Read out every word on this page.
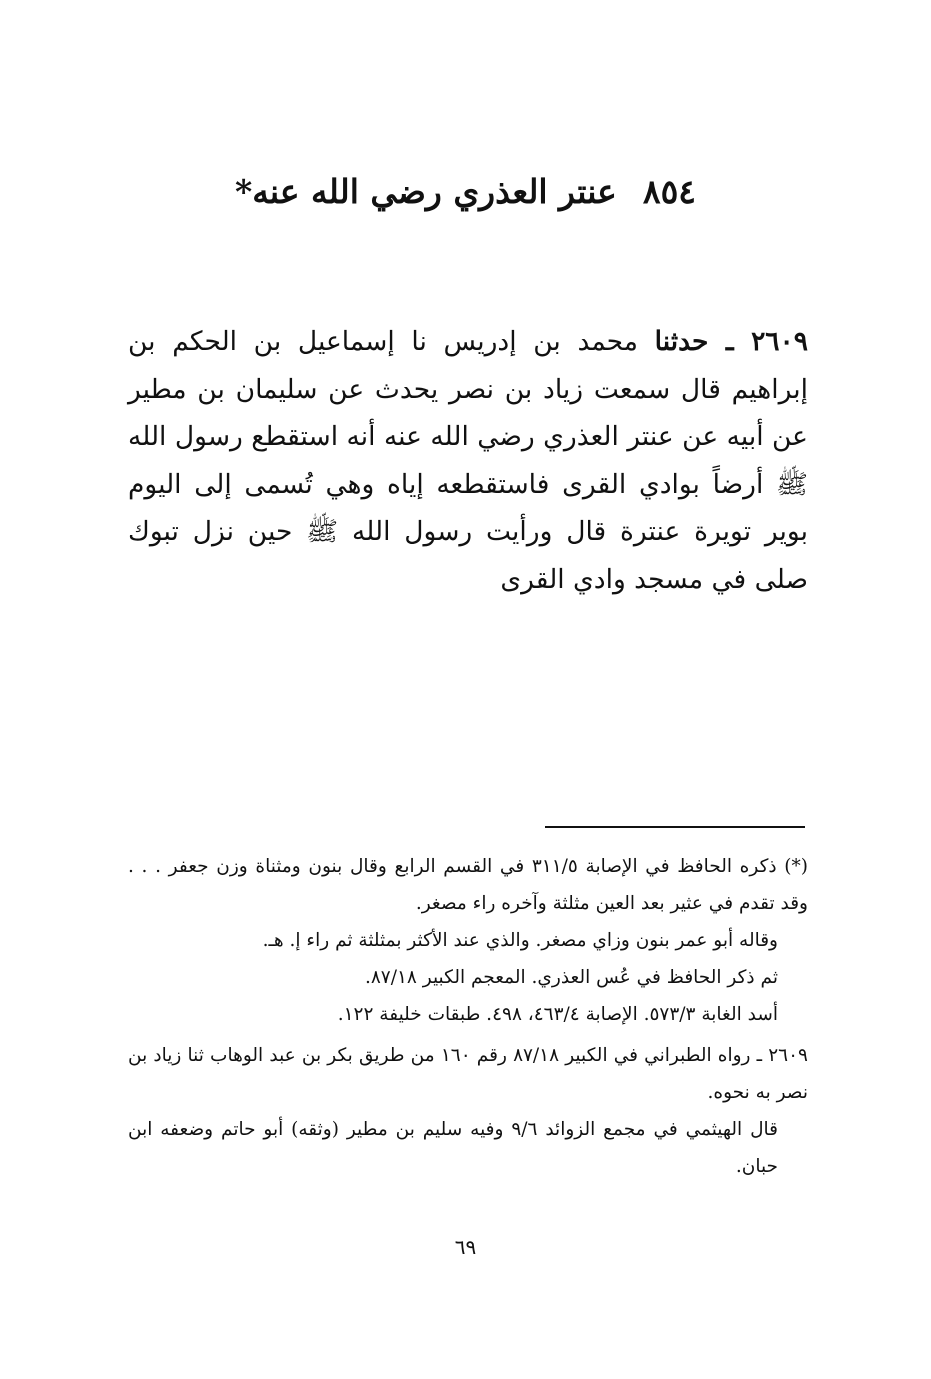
٨٥٤عنتر العذري رضي الله عنه*
٢٦٠٩ ـ حدثنا محمد بن إدريس نا إسماعيل بن الحكم بن إبراهيم قال سمعت زياد بن نصر يحدث عن سليمان بن مطير عن أبيه عن عنتر العذري رضي الله عنه أنه استقطع رسول الله ﷺ أرضاً بوادي القرى فاستقطعه إياه وهي تُسمى إلى اليوم بوير تويرة عنترة قال ورأيت رسول الله ﷺ حين نزل تبوك صلى في مسجد وادي القرى

(*) ذكره الحافظ في الإصابة ٣١١/٥ في القسم الرابع وقال بنون ومثناة وزن جعفر . . . وقد تقدم في عثير بعد العين مثلثة وآخره راء مصغر.

وقاله أبو عمر بنون وزاي مصغر. والذي عند الأكثر بمثلثة ثم راء إ. هـ.

ثم ذكر الحافظ في عُس العذري. المعجم الكبير ٨٧/١٨.

أسد الغابة ٥٧٣/٣. الإصابة ٤٦٣/٤، ٤٩٨. طبقات خليفة ١٢٢.

٢٦٠٩ ـ رواه الطبراني في الكبير ٨٧/١٨ رقم ١٦٠ من طريق بكر بن عبد الوهاب ثنا زياد بن نصر به نحوه.

قال الهيثمي في مجمع الزوائد ٩/٦ وفيه سليم بن مطير (وثقه) أبو حاتم وضعفه ابن حبان.

٦٩
